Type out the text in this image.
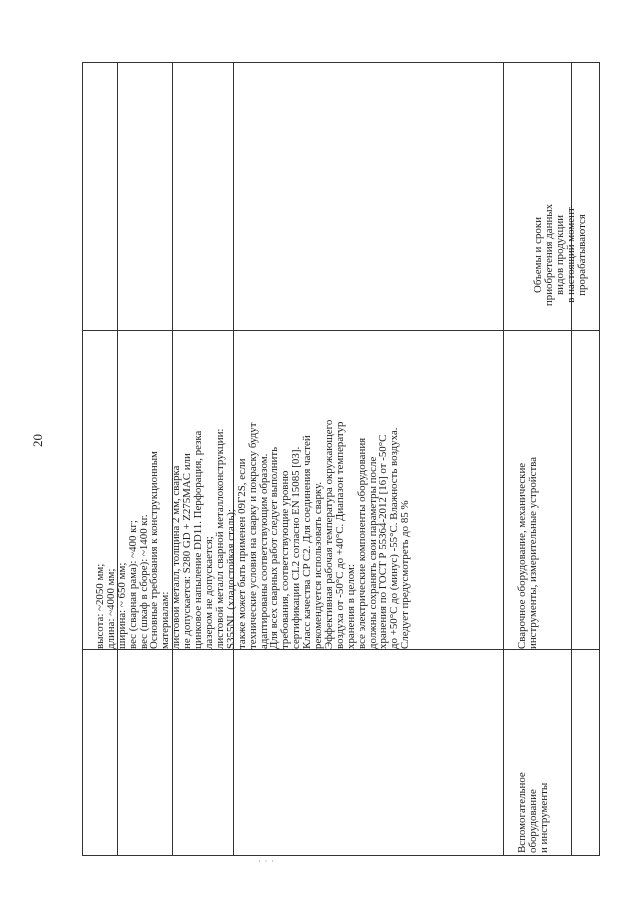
20
· · ·

высота: ~2050 мм;
длина: ~4000 мм;
ширина: ~ 650 мм;
вес (сварная рама): ~400 кг;
вес (шкаф в сборе): ~1400 кг.
Основные требования к конструкционным
материалам:
листовой металл, толщина 2 мм, сварка
не допускается: S280 GD + Z275MAC или
цинковое напыление DD11. Перфорация, резка
лазером не допускается;
листовой металл сварной металлоконструкции:
S355NL (хладостойкая сталь);
также может быть применен 09Г2S, если
технические условия на сварку и покраску будут
адаптированы соответствующим образом.
Для всех сварных работ следует выполнить
требования, соответствующие уровню
сертификации CL2 согласно EN 15085 [03].
Класс качества CP C2. Для соединения частей
рекомендуется использовать сварку.
Эффективная рабочая температура окружающего
воздуха от -50°С до +40°С. Диапазон температур
хранения в целом:
все электрические компоненты оборудования
должны сохранять свои параметры после
хранения по ГОСТ Р 55364-2012 [16] от -50°С
до +50°С до (минус) -55°С. Влажность воздуха.
Следует предусмотреть до 85 %

Вспомогательное
оборудование
и инструменты

Сварочное оборудование, механические
инструменты, измерительные устройства

Объемы и сроки
приобретения данных
видов продукции
в настоящий момент
прорабатываются
